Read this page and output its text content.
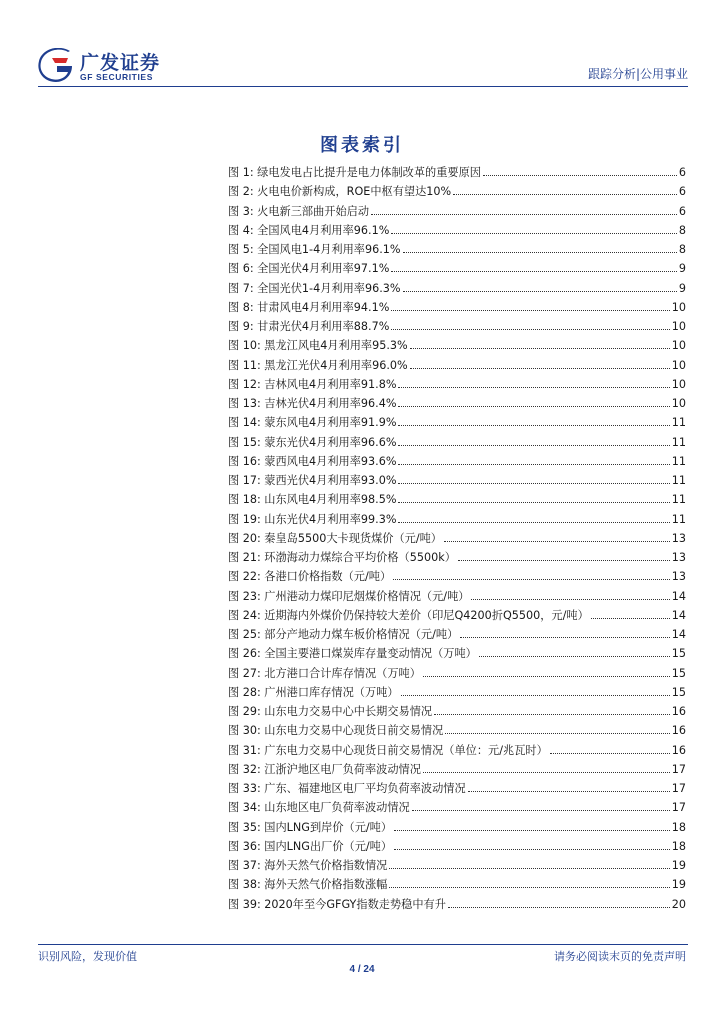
广发证券
GF SECURITIES	跟踪分析|公用事业
图表索引
图 1: 绿电发电占比提升是电力体制改革的重要原因	6
图 2: 火电电价新构成，ROE中枢有望达10%	6
图 3: 火电新三部曲开始启动	6
图 4: 全国风电4月利用率96.1%	8
图 5: 全国风电1-4月利用率96.1%	8
图 6: 全国光伏4月利用率97.1%	9
图 7: 全国光伏1-4月利用率96.3%	9
图 8: 甘肃风电4月利用率94.1%	10
图 9: 甘肃光伏4月利用率88.7%	10
图 10: 黑龙江风电4月利用率95.3%	10
图 11: 黑龙江光伏4月利用率96.0%	10
图 12: 吉林风电4月利用率91.8%	10
图 13: 吉林光伏4月利用率96.4%	10
图 14: 蒙东风电4月利用率91.9%	11
图 15: 蒙东光伏4月利用率96.6%	11
图 16: 蒙西风电4月利用率93.6%	11
图 17: 蒙西光伏4月利用率93.0%	11
图 18: 山东风电4月利用率98.5%	11
图 19: 山东光伏4月利用率99.3%	11
图 20: 秦皇岛5500大卡现货煤价（元/吨）	13
图 21: 环渤海动力煤综合平均价格（5500k）	13
图 22: 各港口价格指数（元/吨）	13
图 23: 广州港动力煤印尼烟煤价格情况（元/吨）	14
图 24: 近期海内外煤价仍保持较大差价（印尼Q4200折Q5500，元/吨）	14
图 25: 部分产地动力煤车板价格情况（元/吨）	14
图 26: 全国主要港口煤炭库存量变动情况（万吨）	15
图 27: 北方港口合计库存情况（万吨）	15
图 28: 广州港口库存情况（万吨）	15
图 29: 山东电力交易中心中长期交易情况	16
图 30: 山东电力交易中心现货日前交易情况	16
图 31: 广东电力交易中心现货日前交易情况（单位：元/兆瓦时）	16
图 32: 江浙沪地区电厂负荷率波动情况	17
图 33: 广东、福建地区电厂平均负荷率波动情况	17
图 34: 山东地区电厂负荷率波动情况	17
图 35: 国内LNG到岸价（元/吨）	18
图 36: 国内LNG出厂价（元/吨）	18
图 37: 海外天然气价格指数情况	19
图 38: 海外天然气价格指数涨幅	19
图 39: 2020年至今GFGY指数走势稳中有升	20
识别风险，发现价值	请务必阅读末页的免责声明
4 / 24
